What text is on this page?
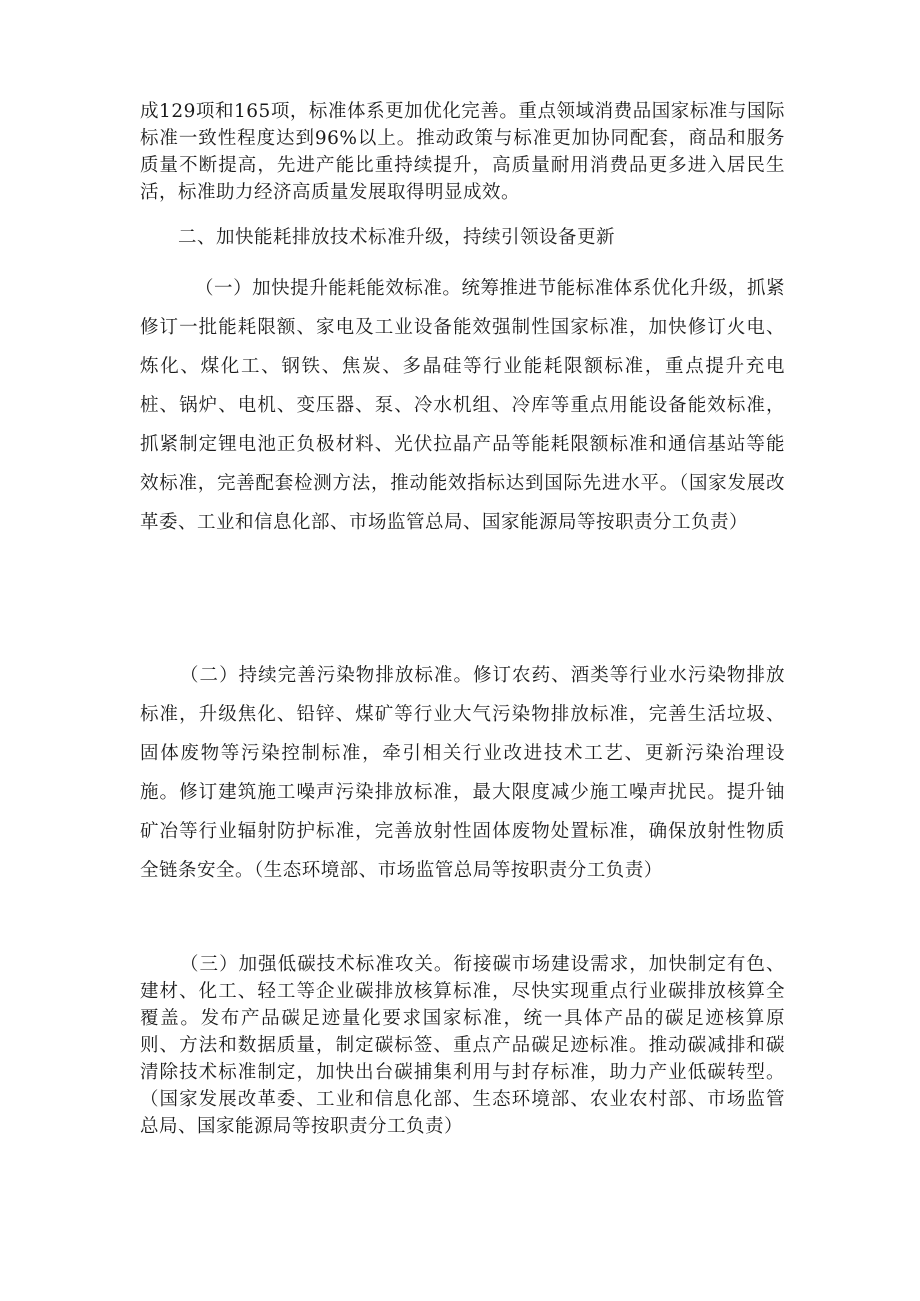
成129项和165项，标准体系更加优化完善。重点领域消费品国家标准与国际标准一致性程度达到96%以上。推动政策与标准更加协同配套，商品和服务质量不断提高，先进产能比重持续提升，高质量耐用消费品更多进入居民生活，标准助力经济高质量发展取得明显成效。

二、加快能耗排放技术标准升级，持续引领设备更新

（一）加快提升能耗能效标准。统筹推进节能标准体系优化升级，抓紧修订一批能耗限额、家电及工业设备能效强制性国家标准，加快修订火电、炼化、煤化工、钢铁、焦炭、多晶硅等行业能耗限额标准，重点提升充电桩、锅炉、电机、变压器、泵、冷水机组、冷库等重点用能设备能效标准，抓紧制定锂电池正负极材料、光伏拉晶产品等能耗限额标准和通信基站等能效标准，完善配套检测方法，推动能效指标达到国际先进水平。（国家发展改革委、工业和信息化部、市场监管总局、国家能源局等按职责分工负责）

（二）持续完善污染物排放标准。修订农药、酒类等行业水污染物排放标准，升级焦化、铅锌、煤矿等行业大气污染物排放标准，完善生活垃圾、固体废物等污染控制标准，牵引相关行业改进技术工艺、更新污染治理设施。修订建筑施工噪声污染排放标准，最大限度减少施工噪声扰民。提升铀矿冶等行业辐射防护标准，完善放射性固体废物处置标准，确保放射性物质全链条安全。（生态环境部、市场监管总局等按职责分工负责）

（三）加强低碳技术标准攻关。衔接碳市场建设需求，加快制定有色、建材、化工、轻工等企业碳排放核算标准，尽快实现重点行业碳排放核算全覆盖。发布产品碳足迹量化要求国家标准，统一具体产品的碳足迹核算原则、方法和数据质量，制定碳标签、重点产品碳足迹标准。推动碳减排和碳清除技术标准制定，加快出台碳捕集利用与封存标准，助力产业低碳转型。（国家发展改革委、工业和信息化部、生态环境部、农业农村部、市场监管总局、国家能源局等按职责分工负责）
